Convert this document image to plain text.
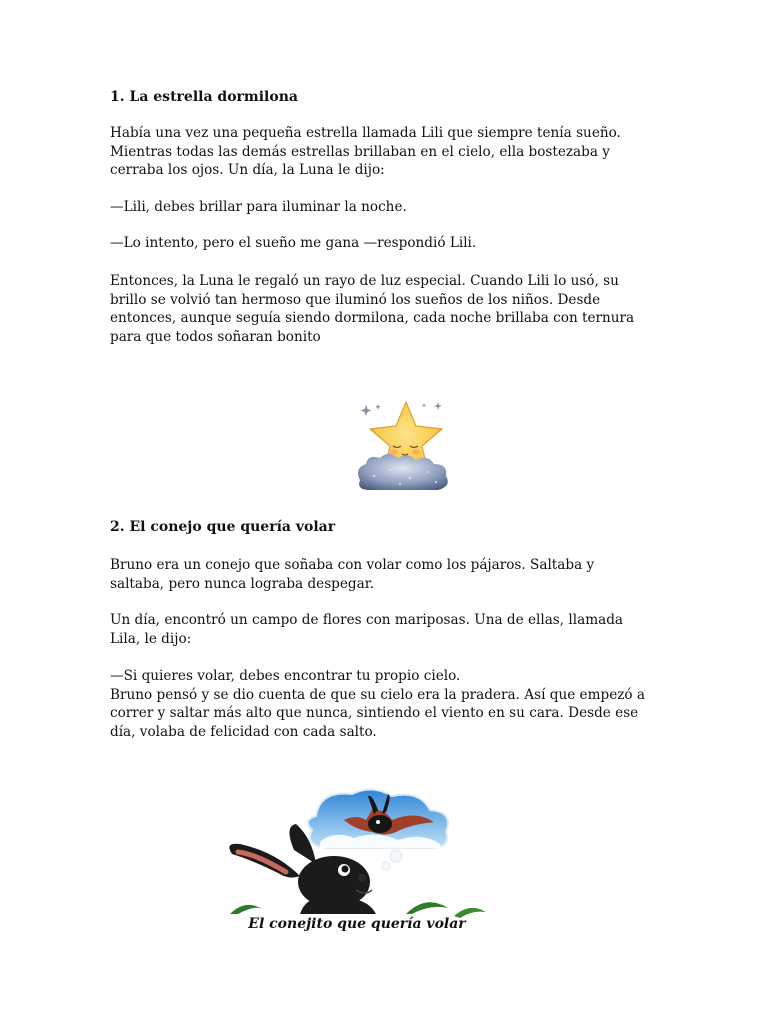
1. La estrella dormilona

Había una vez una pequeña estrella llamada Lili que siempre tenía sueño.
Mientras todas las demás estrellas brillaban en el cielo, ella bostezaba y
cerraba los ojos. Un día, la Luna le dijo:

—Lili, debes brillar para iluminar la noche.

—Lo intento, pero el sueño me gana —respondió Lili.

Entonces, la Luna le regaló un rayo de luz especial. Cuando Lili lo usó, su
brillo se volvió tan hermoso que iluminó los sueños de los niños. Desde
entonces, aunque seguía siendo dormilona, cada noche brillaba con ternura
para que todos soñaran bonito

2. El conejo que quería volar

Bruno era un conejo que soñaba con volar como los pájaros. Saltaba y
saltaba, pero nunca lograba despegar.

Un día, encontró un campo de flores con mariposas. Una de ellas, llamada
Lila, le dijo:

—Si quieres volar, debes encontrar tu propio cielo.
Bruno pensó y se dio cuenta de que su cielo era la pradera. Así que empezó a
correr y saltar más alto que nunca, sintiendo el viento en su cara. Desde ese
día, volaba de felicidad con cada salto.

El conejito que quería volar
